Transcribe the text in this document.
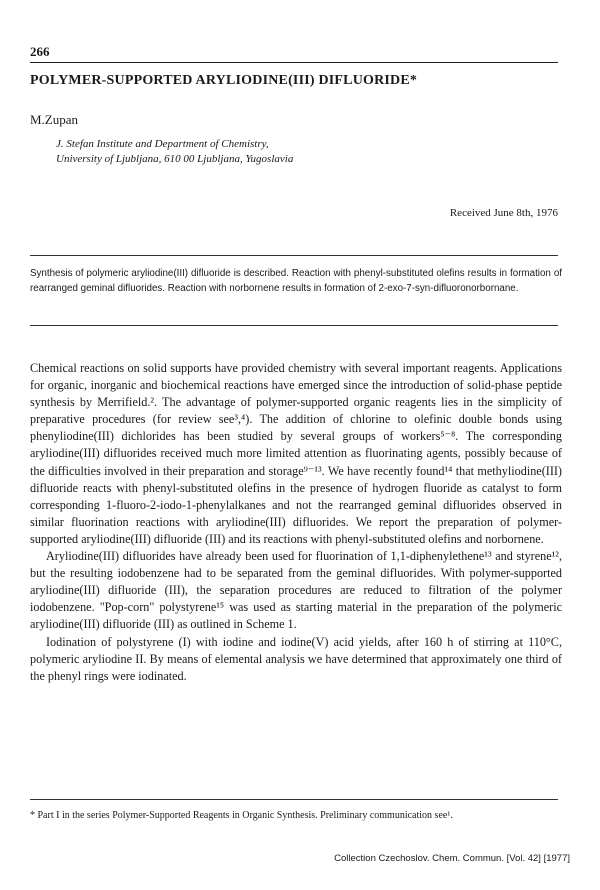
266
POLYMER-SUPPORTED ARYLIODINE(III) DIFLUORIDE*
M.Zupan
J. Stefan Institute and Department of Chemistry,
University of Ljubljana, 610 00 Ljubljana, Yugoslavia
Received June 8th, 1976
Synthesis of polymeric aryliodine(III) difluoride is described. Reaction with phenyl-substituted olefins results in formation of rearranged geminal difluorides. Reaction with norbornene results in formation of 2-exo-7-syn-difluoronorbornane.

Chemical reactions on solid supports have provided chemistry with several important reagents. Applications for organic, inorganic and biochemical reactions have emerged since the introduction of solid-phase peptide synthesis by Merrifield.². The advantage of polymer-supported organic reagents lies in the simplicity of preparative procedures (for review see³,⁴). The addition of chlorine to olefinic double bonds using phenyliodine(III) dichlorides has been studied by several groups of workers⁵⁻⁸. The corresponding aryliodine(III) difluorides received much more limited attention as fluorinating agents, possibly because of the difficulties involved in their preparation and storage⁹⁻¹³. We have recently found¹⁴ that methyliodine(III) difluoride reacts with phenyl-substituted olefins in the presence of hydrogen fluoride as catalyst to form corresponding 1-fluoro-2-iodo-1-phenylalkanes and not the rearranged geminal difluorides observed in similar fluorination reactions with aryliodine(III) difluorides. We report the preparation of polymer-supported aryliodine(III) difluoride (III) and its reactions with phenyl-substituted olefins and norbornene.

Aryliodine(III) difluorides have already been used for fluorination of 1,1-diphenylethene¹³ and styrene¹², but the resulting iodobenzene had to be separated from the geminal difluorides. With polymer-supported aryliodine(III) difluoride (III), the separation procedures are reduced to filtration of the polymer iodobenzene. "Pop-corn" polystyrene¹⁵ was used as starting material in the preparation of the polymeric aryliodine(III) difluoride (III) as outlined in Scheme 1.

Iodination of polystyrene (I) with iodine and iodine(V) acid yields, after 160 h of stirring at 110°C, polymeric aryliodine II. By means of elemental analysis we have determined that approximately one third of the phenyl rings were iodinated.

* Part I in the series Polymer-Supported Reagents in Organic Synthesis. Preliminary communication see¹.
Collection Czechoslov. Chem. Commun. [Vol. 42] [1977]
